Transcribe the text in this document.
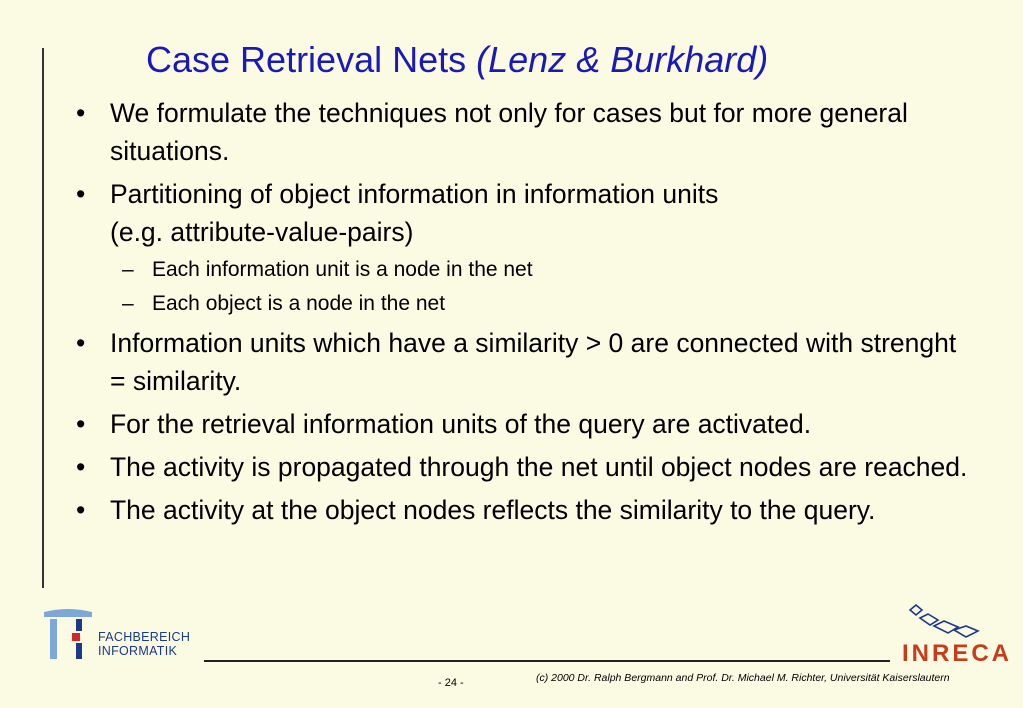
Case Retrieval Nets (Lenz & Burkhard)
• We formulate the techniques not only for cases but for more general situations.
• Partitioning of object information in information units
(e.g. attribute-value-pairs)
– Each information unit is a node in the net
– Each object is a node in the net
• Information units which have a similarity > 0 are connected with strenght = similarity.
• For the retrieval information units of the query are activated.
• The activity is propagated through the net until object nodes are reached.
• The activity at the object nodes reflects the similarity to the query.
FACHBEREICH
INFORMATIK
- 24 -	(c) 2000 Dr. Ralph Bergmann and Prof. Dr. Michael M. Richter, Universität Kaiserslautern
INRECA
